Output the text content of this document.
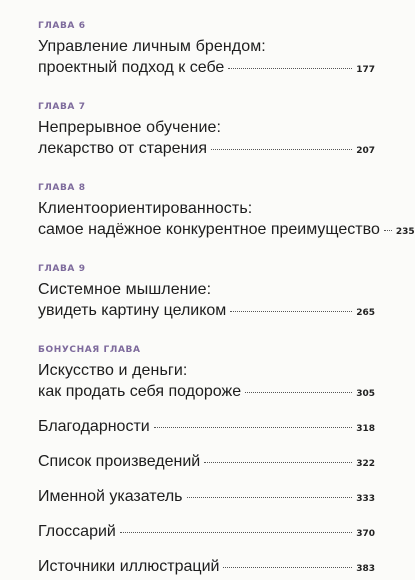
ГЛАВА 6
Управление личным брендом:
проектный подход к себе	177
ГЛАВА 7
Непрерывное обучение:
лекарство от старения	207
ГЛАВА 8
Клиентоориентированность:
самое надёжное конкурентное преимущество 235
ГЛАВА 9
Системное мышление:
увидеть картину целиком	265
БОНУСНАЯ ГЛАВА
Искусство и деньги:
как продать себя подороже	305
Благодарности	318
Список произведений	322
Именной указатель	333
Глоссарий	370
Источники иллюстраций	383
